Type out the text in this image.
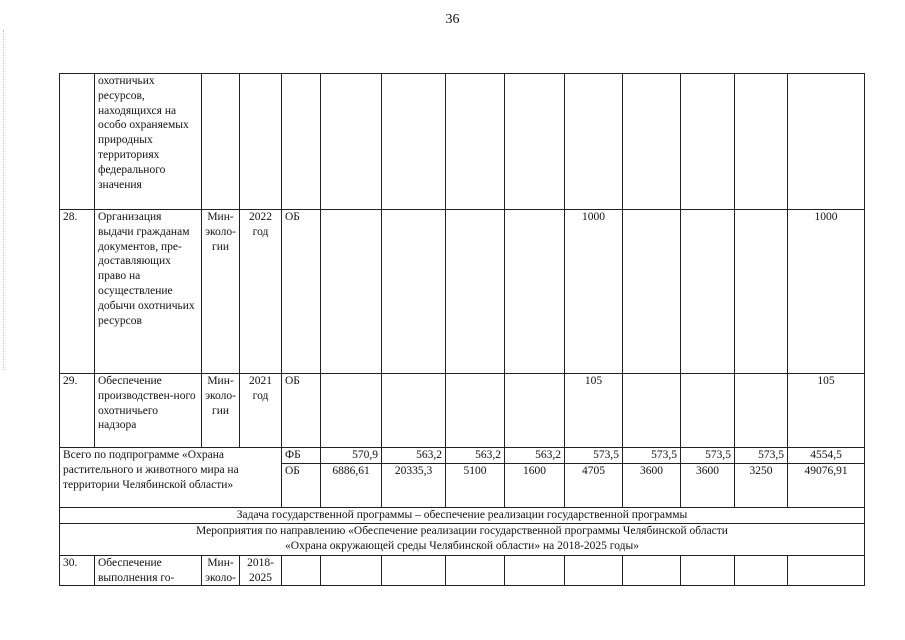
36
	охотничьих ресурсов, находящихся на особо охраняемых природных территориях федерального значения												
28.	Организация выдачи гражданам документов, пре-доставляющих право на осуществление добычи охотничьих ресурсов	Мин-эколо-гии	2022 год	ОБ					1000				1000
29.	Обеспечение производствен-ного охотничьего надзора	Мин-эколо-гии	2021 год	ОБ					105				105
Всего по подпрограмме «Охрана растительного и животного мира на территории Челябинской области»				ФБ	570,9	563,2	563,2	563,2	573,5	573,5	573,5	573,5	4554,5
				ОБ	6886,61	20335,3	5100	1600	4705	3600	3600	3250	49076,91
Задача государственной программы – обеспечение реализации государственной программы													

Мероприятия по направлению «Обеспечение реализации государственной программы Челябинской области
«Охрана окружающей среды Челябинской области» на 2018-2025 годы»													

30.	Обеспечение выполнения го-	Мин-эколо-	2018-2025										
